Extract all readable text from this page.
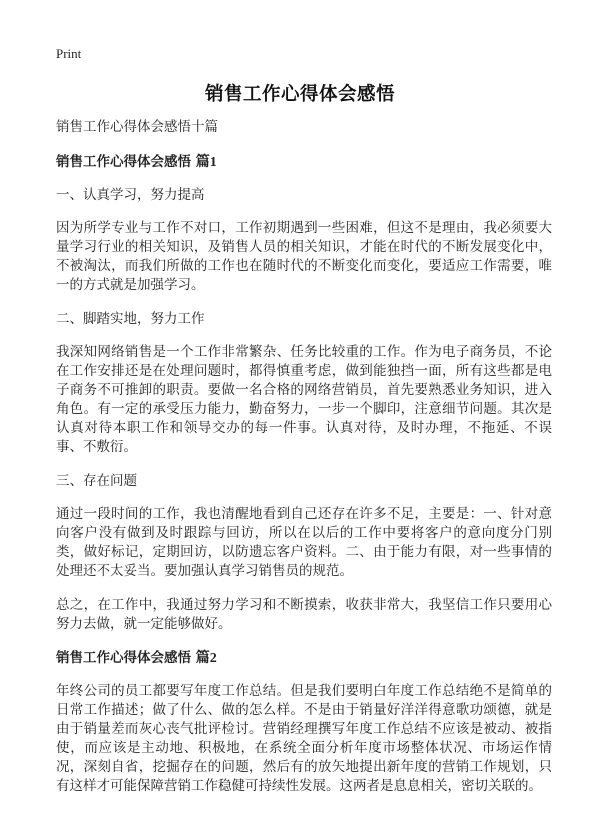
Print
销售工作心得体会感悟

销售工作心得体会感悟十篇

销售工作心得体会感悟 篇1

一、认真学习，努力提高

因为所学专业与工作不对口，工作初期遇到一些困难，但这不是理由，我必须要大量学习行业的相关知识，及销售人员的相关知识，才能在时代的不断发展变化中，不被淘汰，而我们所做的工作也在随时代的不断变化而变化，要适应工作需要，唯一的方式就是加强学习。

二、脚踏实地，努力工作

我深知网络销售是一个工作非常繁杂、任务比较重的工作。作为电子商务员，不论在工作安排还是在处理问题时，都得慎重考虑，做到能独挡一面，所有这些都是电子商务不可推卸的职责。要做一名合格的网络营销员，首先要熟悉业务知识，进入角色。有一定的承受压力能力，勤奋努力，一步一个脚印，注意细节问题。其次是认真对待本职工作和领导交办的每一件事。认真对待，及时办理，不拖延、不误事、不敷衍。

三、存在问题

通过一段时间的工作，我也清醒地看到自己还存在许多不足，主要是：一、针对意向客户没有做到及时跟踪与回访，所以在以后的工作中要将客户的意向度分门别类，做好标记，定期回访，以防遗忘客户资料。二、由于能力有限，对一些事情的处理还不太妥当。要加强认真学习销售员的规范。

总之，在工作中，我通过努力学习和不断摸索，收获非常大，我坚信工作只要用心努力去做，就一定能够做好。

销售工作心得体会感悟 篇2

年终公司的员工都要写年度工作总结。但是我们要明白年度工作总结绝不是简单的日常工作描述；做了什么、做的怎么样。不是由于销量好洋洋得意歌功颂德，就是由于销量差而灰心丧气批评检讨。营销经理撰写年度工作总结不应该是被动、被指使，而应该是主动地、积极地，在系统全面分析年度市场整体状况、市场运作情况，深刻自省，挖掘存在的问题，然后有的放矢地提出新年度的营销工作规划，只有这样才可能保障营销工作稳健可持续性发展。这两者是息息相关，密切关联的。
